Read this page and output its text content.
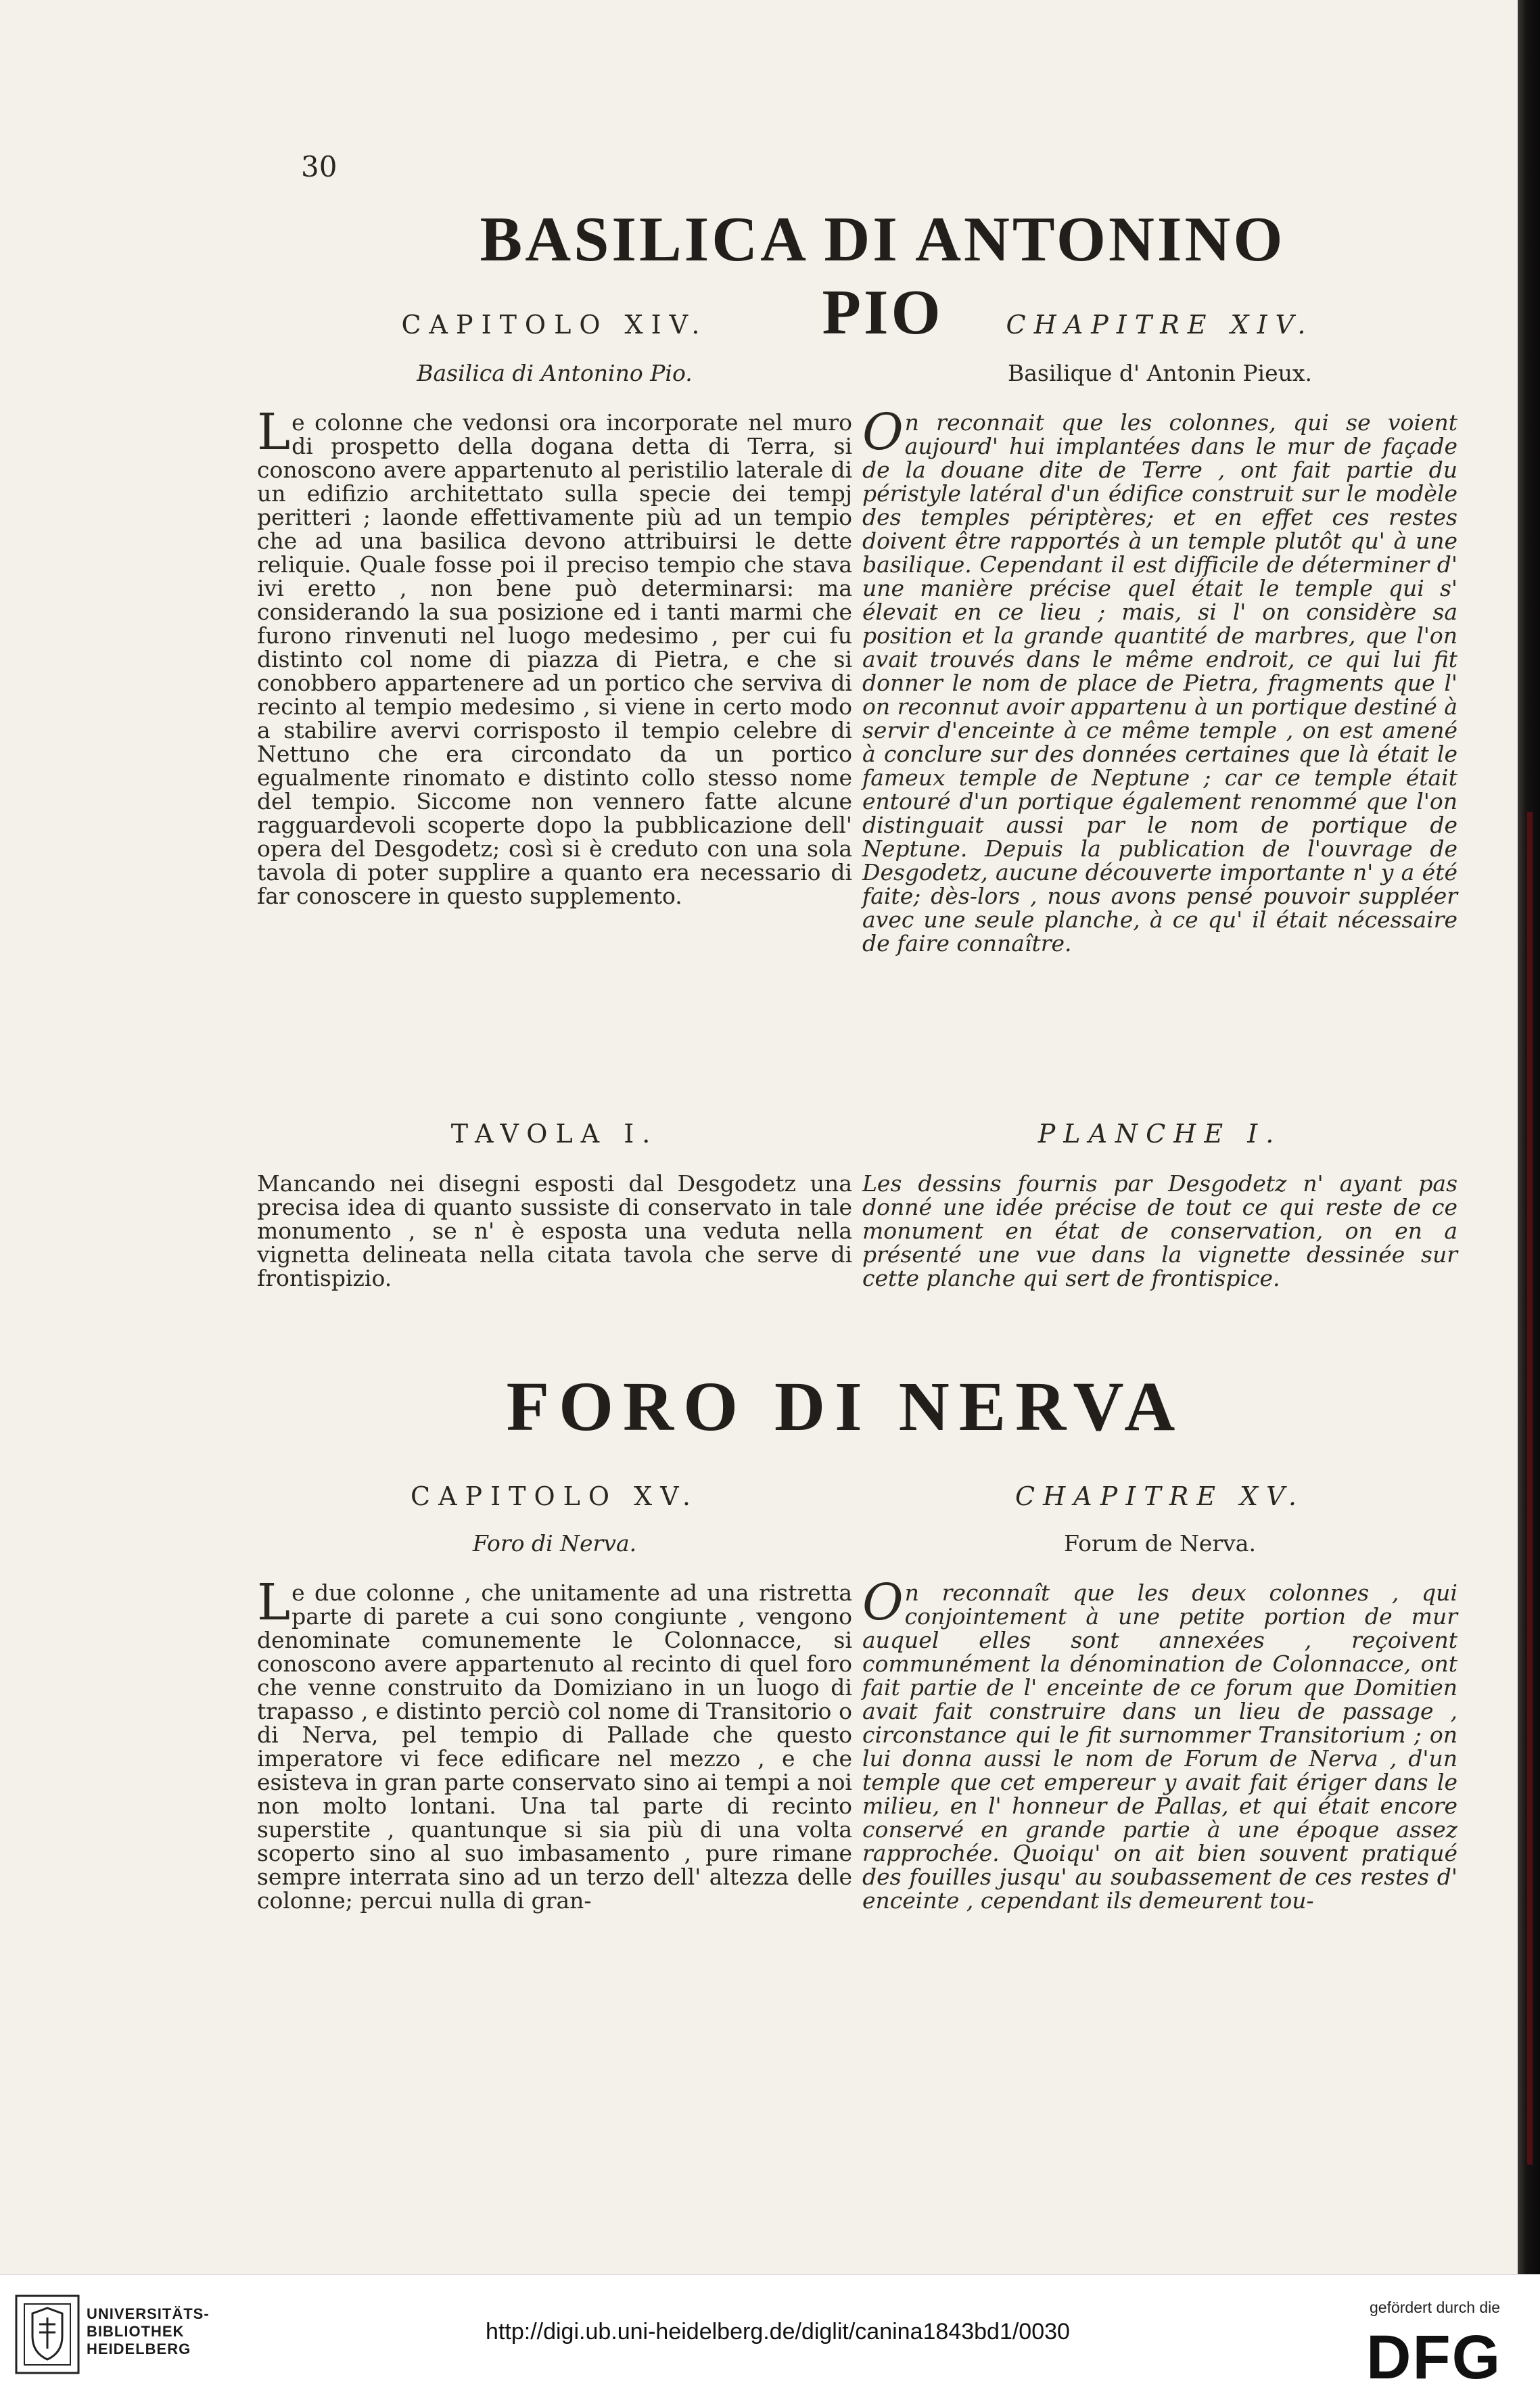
30
BASILICA DI ANTONINO PIO
CAPITOLO XIV.
Basilica di Antonino Pio.

Le colonne che vedonsi ora incorporate nel muro di prospetto della dogana detta di Terra, si conoscono avere appartenuto al peristilio laterale di un edifizio architettato sulla specie dei tempj peritteri ; laonde effettivamente più ad un tempio che ad una basilica devono attribuirsi le dette reliquie. Quale fosse poi il preciso tempio che stava ivi eretto , non bene può determinarsi: ma considerando la sua posizione ed i tanti marmi che furono rinvenuti nel luogo medesimo , per cui fu distinto col nome di piazza di Pietra, e che si conobbero appartenere ad un portico che serviva di recinto al tempio medesimo , si viene in certo modo a stabilire avervi corrisposto il tempio celebre di Nettuno che era circondato da un portico egualmente rinomato e distinto collo stesso nome del tempio. Siccome non vennero fatte alcune ragguardevoli scoperte dopo la pubblicazione dell' opera del Desgodetz; così si è creduto con una sola tavola di poter supplire a quanto era necessario di far conoscere in questo supplemento.

CHAPITRE XIV.
Basilique d' Antonin Pieux.

On reconnait que les colonnes, qui se voient aujourd' hui implantées dans le mur de façade de la douane dite de Terre , ont fait partie du péristyle latéral d'un édifice construit sur le modèle des temples périptères; et en effet ces restes doivent être rapportés à un temple plutôt qu' à une basilique. Cependant il est difficile de déterminer d' une manière précise quel était le temple qui s' élevait en ce lieu ; mais, si l' on considère sa position et la grande quantité de marbres, que l'on avait trouvés dans le même endroit, ce qui lui fit donner le nom de place de Pietra, fragments que l' on reconnut avoir appartenu à un portique destiné à servir d'enceinte à ce même temple , on est amené à conclure sur des données certaines que là était le fameux temple de Neptune ; car ce temple était entouré d'un portique également renommé que l'on distinguait aussi par le nom de portique de Neptune. Depuis la publication de l'ouvrage de Desgodetz, aucune découverte importante n' y a été faite; dès-lors , nous avons pensé pouvoir suppléer avec une seule planche, à ce qu' il était nécessaire de faire connaître.

TAVOLA I.

Mancando nei disegni esposti dal Desgodetz una precisa idea di quanto sussiste di conservato in tale monumento , se n' è esposta una veduta nella vignetta delineata nella citata tavola che serve di frontispizio.

PLANCHE I.

Les dessins fournis par Desgodetz n' ayant pas donné une idée précise de tout ce qui reste de ce monument en état de conservation, on en a présenté une vue dans la vignette dessinée sur cette planche qui sert de frontispice.

FORO DI NERVA
CAPITOLO XV.
Foro di Nerva.

Le due colonne , che unitamente ad una ristretta parte di parete a cui sono congiunte , vengono denominate comunemente le Colonnacce, si conoscono avere appartenuto al recinto di quel foro che venne construito da Domiziano in un luogo di trapasso , e distinto perciò col nome di Transitorio o di Nerva, pel tempio di Pallade che questo imperatore vi fece edificare nel mezzo , e che esisteva in gran parte conservato sino ai tempi a noi non molto lontani. Una tal parte di recinto superstite , quantunque si sia più di una volta scoperto sino al suo imbasamento , pure rimane sempre interrata sino ad un terzo dell' altezza delle colonne; percui nulla di gran-

CHAPITRE XV.
Forum de Nerva.

On reconnaît que les deux colonnes , qui conjointement à une petite portion de mur auquel elles sont annexées , reçoivent communément la dénomination de Colonnacce, ont fait partie de l' enceinte de ce forum que Domitien avait fait construire dans un lieu de passage , circonstance qui le fit surnommer Transitorium ; on lui donna aussi le nom de Forum de Nerva , d'un temple que cet empereur y avait fait ériger dans le milieu, en l' honneur de Pallas, et qui était encore conservé en grande partie à une époque assez rapprochée. Quoiqu' on ait bien souvent pratiqué des fouilles jusqu' au soubassement de ces restes d' enceinte , cependant ils demeurent tou-

UNIVERSITÄTS-
BIBLIOTHEK
HEIDELBERG
http://digi.ub.uni-heidelberg.de/diglit/canina1843bd1/0030
gefördert durch die
DFG
